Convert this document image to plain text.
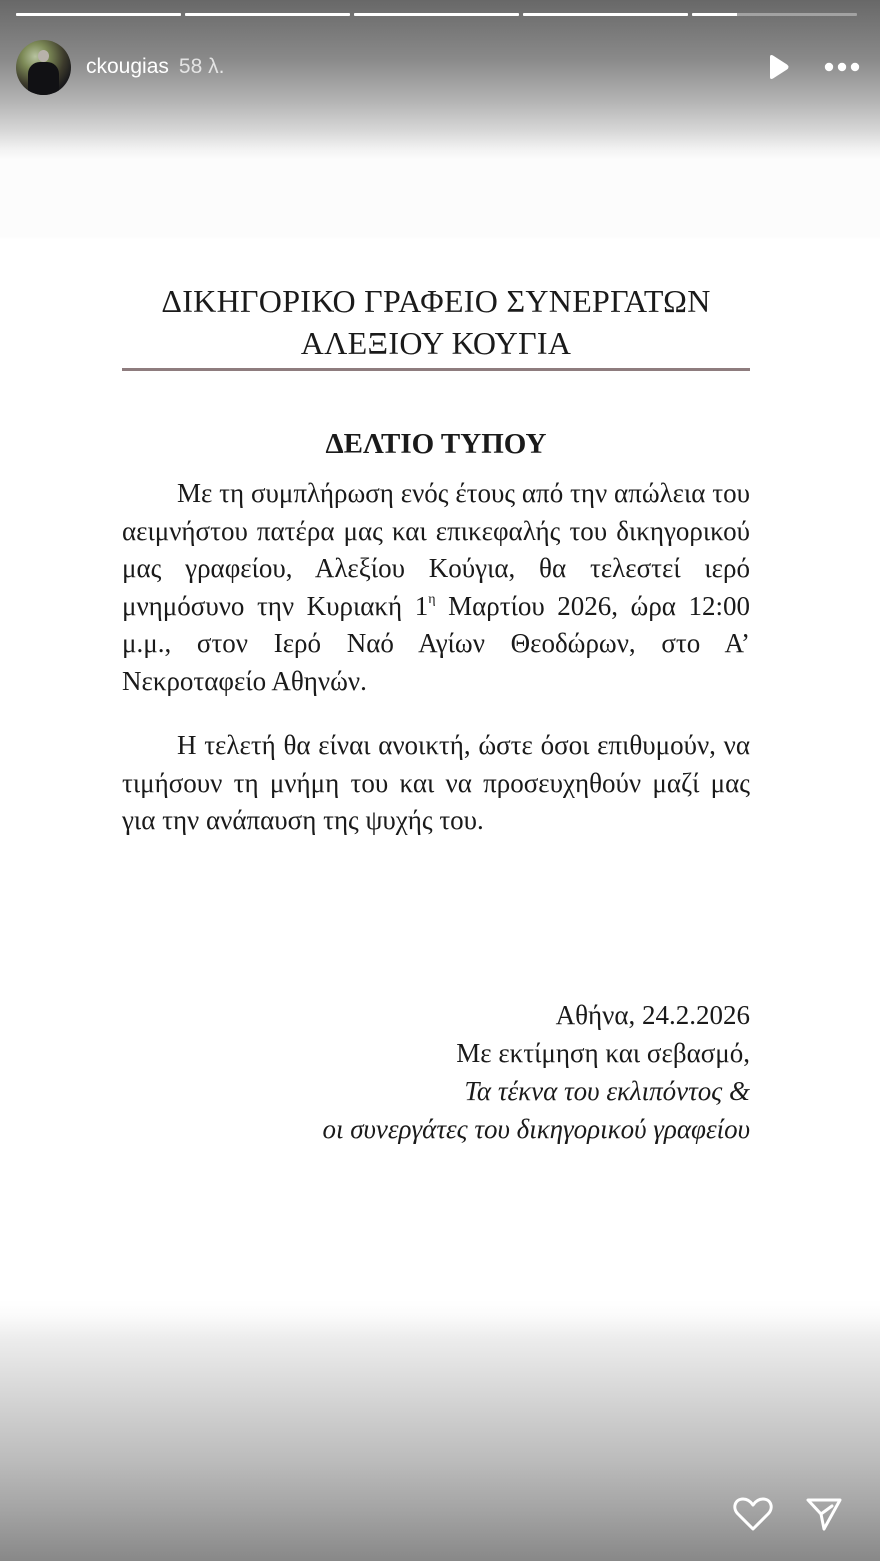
ckougias 58 λ.
ΔΙΚΗΓΟΡΙΚΟ ΓΡΑΦΕΙΟ ΣΥΝΕΡΓΑΤΩΝ
ΑΛΕΞΙΟΥ ΚΟΥΓΙΑ
ΔΕΛΤΙΟ ΤΥΠΟΥ

Με τη συμπλήρωση ενός έτους από την απώλεια του αειμνήστου πατέρα μας και επικεφαλής του δικηγορικού μας γραφείου, Αλεξίου Κούγια, θα τελεστεί ιερό μνημόσυνο την Κυριακή $1^\eta$ Μαρτίου 2026, ώρα 12:00 μ.μ., στον Ιερό Ναό Αγίων Θεοδώρων, στο Α’ Νεκροταφείο Αθηνών.

Η τελετή θα είναι ανοικτή, ώστε όσοι επιθυμούν, να τιμήσουν τη μνήμη του και να προσευχηθούν μαζί μας για την ανάπαυση της ψυχής του.

Αθήνα, 24.2.2026
Με εκτίμηση και σεβασμό,
Τα τέκνα του εκλιπόντος &
οι συνεργάτες του δικηγορικού γραφείου
